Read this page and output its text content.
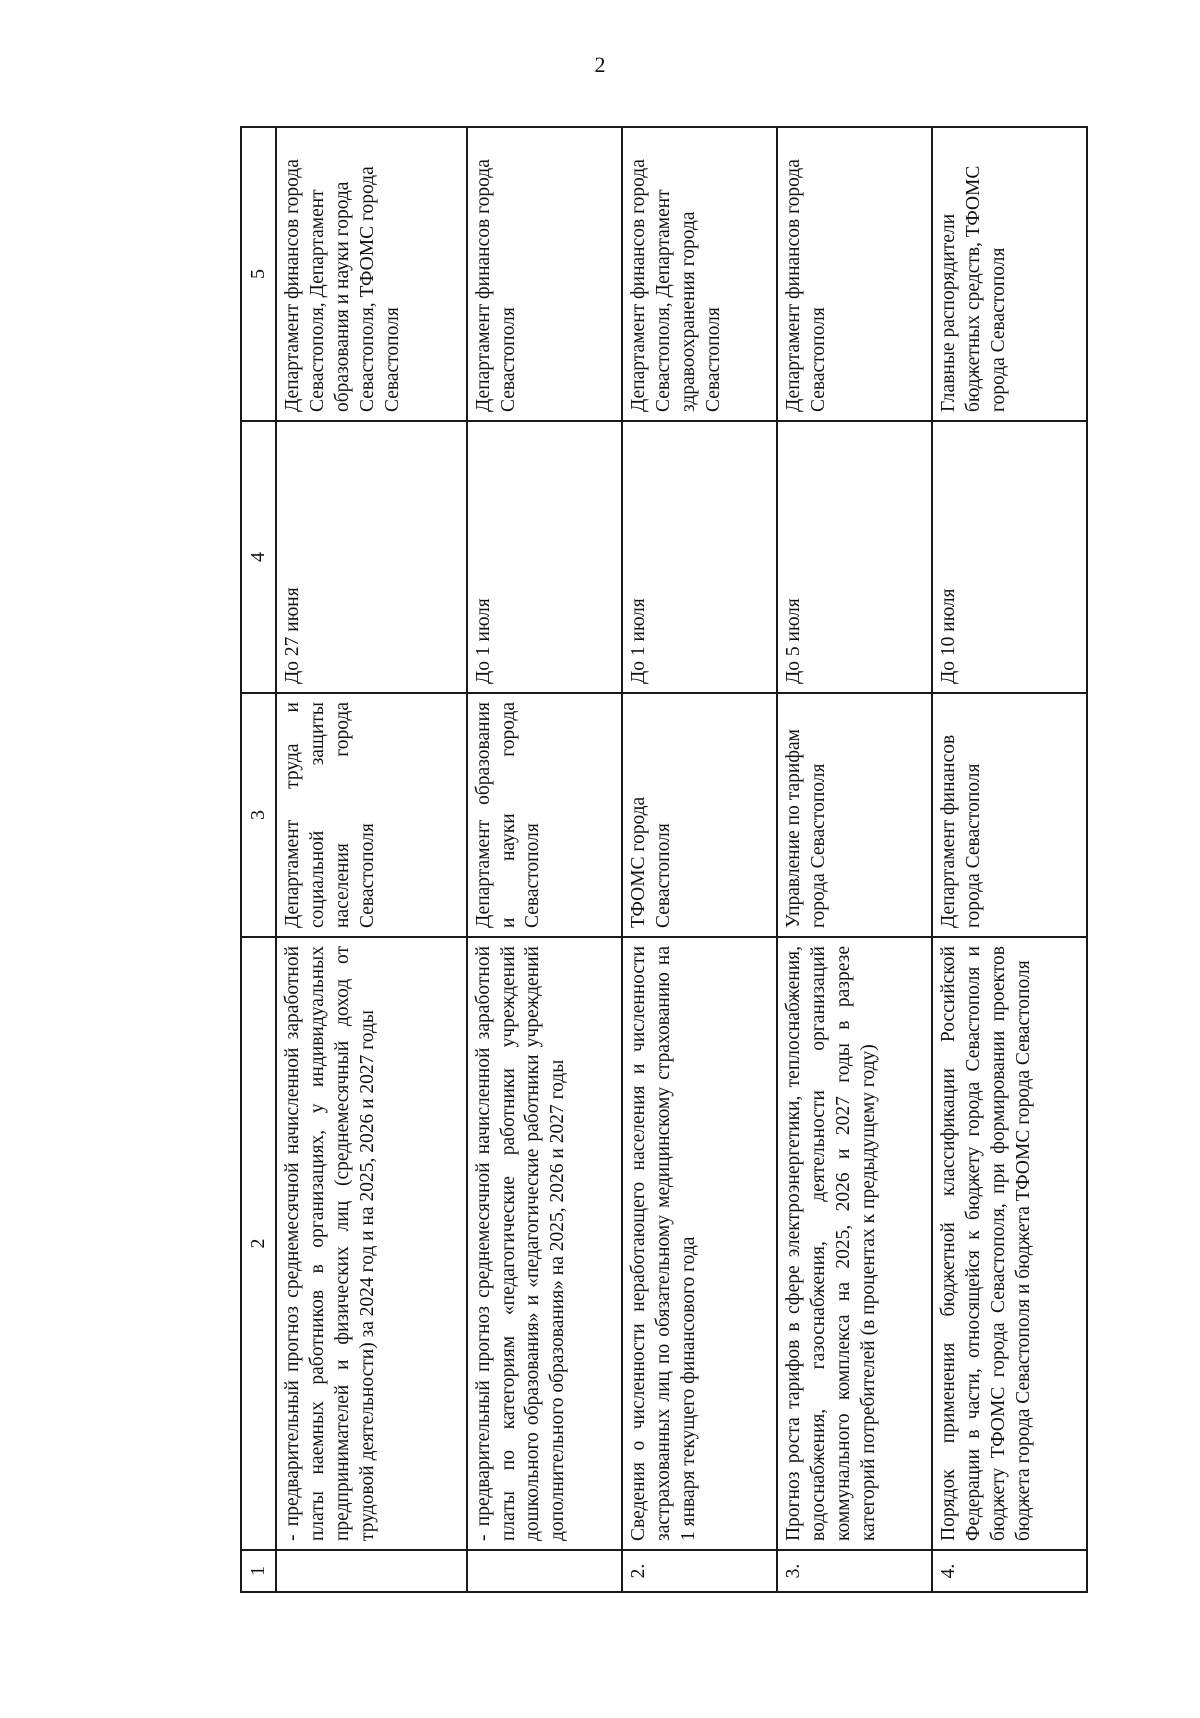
2
1	2	3	4	5
	- предварительный прогноз среднемесячной начисленной заработной платы наемных работников в организациях, у индивидуальных предпринимателей и физических лиц (среднемесячный доход от трудовой деятельности) за 2024 год и на 2025, 2026 и 2027 годы	Департамент труда и социальной защиты населения города Севастополя	До 27 июня	Департамент финансов города Севастополя, Департамент образования и науки города Севастополя, ТФОМС города Севастополя
	- предварительный прогноз среднемесячной начисленной заработной платы по категориям «педагогические работники учреждений дошкольного образования» и «педагогические работники учреждений дополнительного образования» на 2025, 2026 и 2027 годы	Департамент образования и науки города Севастополя	До 1 июля	Департамент финансов города Севастополя
2.	Сведения о численности неработающего населения и численности застрахованных лиц по обязательному медицинскому страхованию на 1 января текущего финансового года	ТФОМС города Севастополя	До 1 июля	Департамент финансов города Севастополя, Департамент здравоохранения города Севастополя
3.	Прогноз роста тарифов в сфере электроэнергетики, теплоснабжения, водоснабжения, газоснабжения, деятельности организаций коммунального комплекса на 2025, 2026 и 2027 годы в разрезе категорий потребителей (в процентах к предыдущему году)	Управление по тарифам города Севастополя	До 5 июля	Департамент финансов города Севастополя
4.	Порядок применения бюджетной классификации Российской Федерации в части, относящейся к бюджету города Севастополя и бюджету ТФОМС города Севастополя, при формировании проектов бюджета города Севастополя и бюджета ТФОМС города Севастополя	Департамент финансов города Севастополя	До 10 июля	Главные распорядители бюджетных средств, ТФОМС города Севастополя
